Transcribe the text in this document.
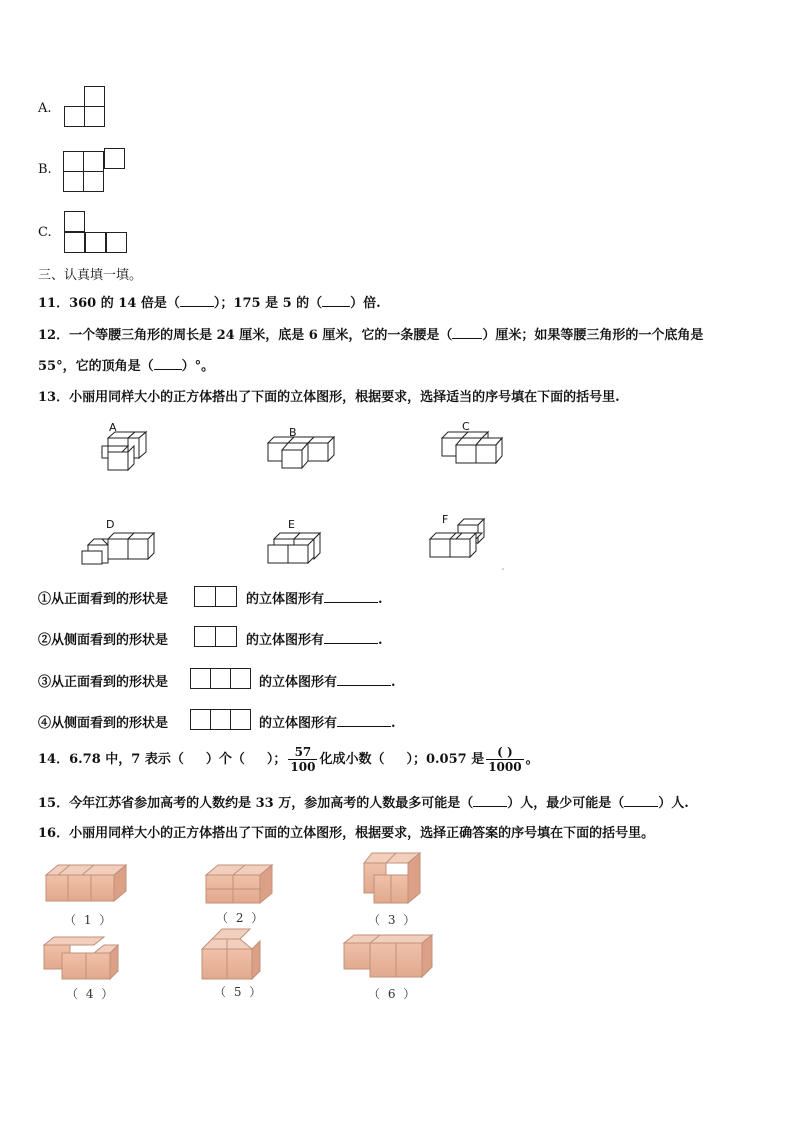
A.
B.
C.
三、认真填一填。
11．360 的 14 倍是（	）；175 是 5 的（ ）倍.
12．一个等腰三角形的周长是 24 厘米，底是 6 厘米，它的一条腰是（ ）厘米；如果等腰三角形的一个底角是
55°，它的顶角是（ ）°。
13．小丽用同样大小的正方体搭出了下面的立体图形，根据要求，选择适当的序号填在下面的括号里.
A	B	C
D	E	F
①从正面看到的形状是	的立体图形有	.
②从侧面看到的形状是	的立体图形有	.
③从正面看到的形状是	的立体图形有	.
④从侧面看到的形状是	的立体图形有	.
14．6.78 中，7 表示（ ）个（ ）； $\frac{57}{100}$ 化成小数（ ）；0.057 是 $\frac{( )}{1000}$ 。
15．今年江苏省参加高考的人数约是 33 万，参加高考的人数最多可能是（	）人，最少可能是（	）人.
16．小丽用同样大小的正方体搭出了下面的立体图形，根据要求，选择正确答案的序号填在下面的括号里。
（ 1 ）	（ 2 ）	（ 3 ）
（ 4 ）	（ 5 ）	（ 6 ）
